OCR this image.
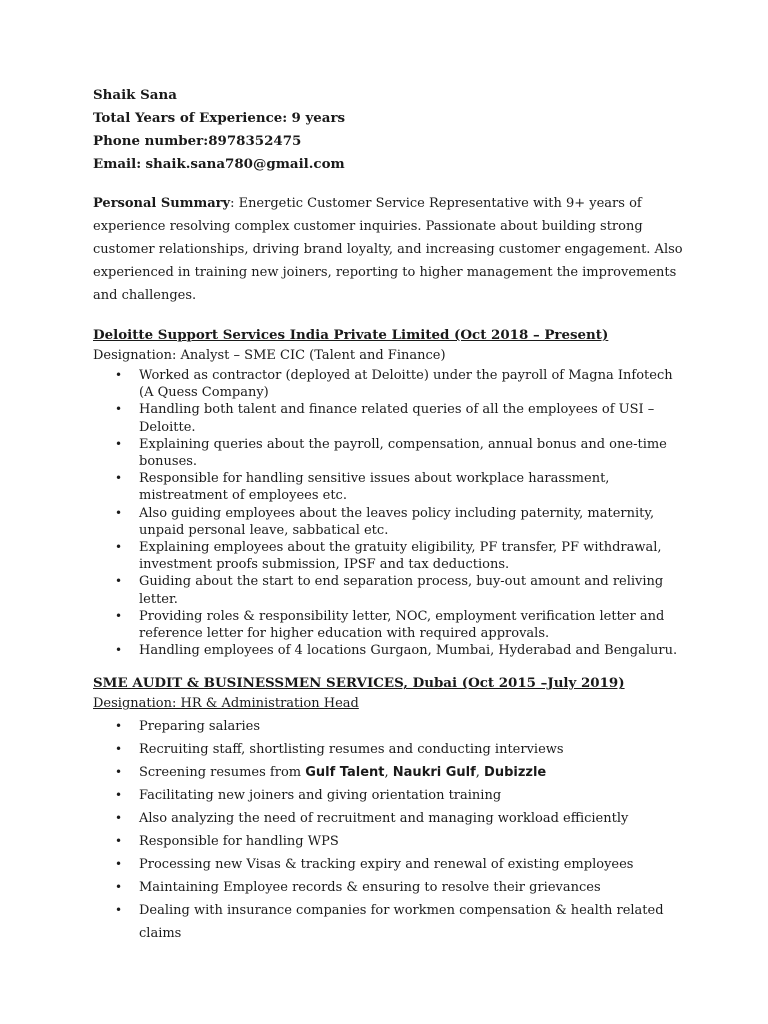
Shaik Sana
Total Years of Experience: 9 years
Phone number:8978352475
Email: shaik.sana780@gmail.com
Personal Summary: Energetic Customer Service Representative with 9+ years of experience resolving complex customer inquiries. Passionate about building strong customer relationships, driving brand loyalty, and increasing customer engagement. Also experienced in training new joiners, reporting to higher management the improvements and challenges.
Deloitte Support Services India Private Limited (Oct 2018 – Present)
Designation: Analyst – SME CIC (Talent and Finance)
• Worked as contractor (deployed at Deloitte) under the payroll of Magna Infotech (A Quess Company)
• Handling both talent and finance related queries of all the employees of USI – Deloitte.
• Explaining queries about the payroll, compensation, annual bonus and one-time bonuses.
• Responsible for handling sensitive issues about workplace harassment, mistreatment of employees etc.
• Also guiding employees about the leaves policy including paternity, maternity, unpaid personal leave, sabbatical etc.
• Explaining employees about the gratuity eligibility, PF transfer, PF withdrawal, investment proofs submission, IPSF and tax deductions.
• Guiding about the start to end separation process, buy-out amount and reliving letter.
• Providing roles & responsibility letter, NOC, employment verification letter and reference letter for higher education with required approvals.
• Handling employees of 4 locations Gurgaon, Mumbai, Hyderabad and Bengaluru.
SME AUDIT & BUSINESSMEN SERVICES, Dubai (Oct 2015 –July 2019)
Designation: HR & Administration Head
• Preparing salaries
• Recruiting staff, shortlisting resumes and conducting interviews
• Screening resumes from Gulf Talent, Naukri Gulf, Dubizzle
• Facilitating new joiners and giving orientation training
• Also analyzing the need of recruitment and managing workload efficiently
• Responsible for handling WPS
• Processing new Visas & tracking expiry and renewal of existing employees
• Maintaining Employee records & ensuring to resolve their grievances
• Dealing with insurance companies for workmen compensation & health related claims
